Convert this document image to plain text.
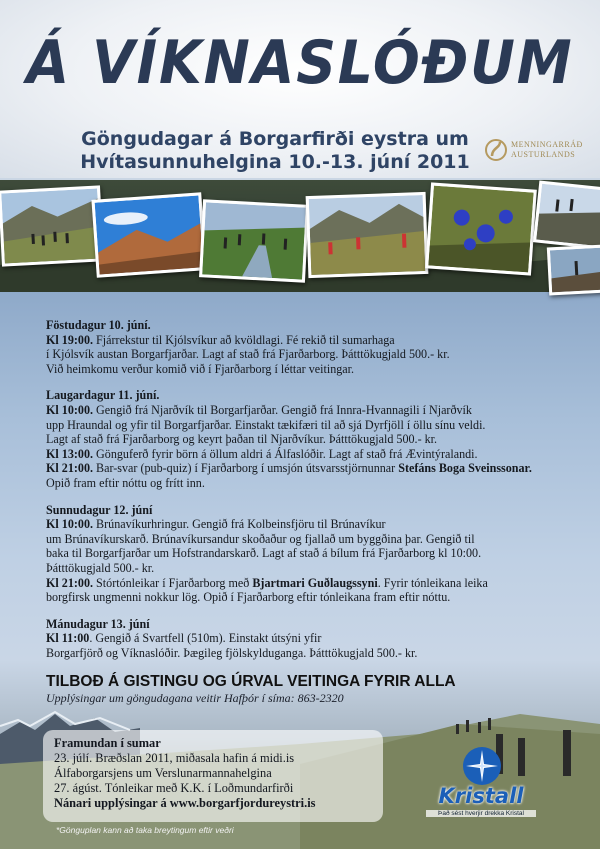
Á VÍKNASLÓÐUM
Göngudagar á Borgarfirði eystra um
Hvítasunnuhelgina 10.-13. júní 2011
MENNINGARRÁÐ
AUSTURLANDS
Föstudagur 10. júní.
Kl 19:00. Fjárrekstur til Kjólsvíkur að kvöldlagi. Fé rekið til sumarhaga
í Kjólsvík austan Borgarfjarðar. Lagt af stað frá Fjarðarborg. Þátttökugjald 500.- kr.
Við heimkomu verður komið við í Fjarðarborg í léttar veitingar.
Laugardagur 11. júní.
Kl 10:00. Gengið frá Njarðvík til Borgarfjarðar. Gengið frá Innra-Hvannagili í Njarðvík
upp Hraundal og yfir til Borgarfjarðar. Einstakt tækifæri til að sjá Dyrfjöll í öllu sínu veldi.
Lagt af stað frá Fjarðarborg og keyrt þaðan til Njarðvíkur. Þátttökugjald 500.- kr.
Kl 13:00. Gönguferð fyrir börn á öllum aldri á Álfaslóðir. Lagt af stað frá Ævintýralandi.
Kl 21:00. Bar-svar (pub-quiz) í Fjarðarborg í umsjón útsvarsstjörnunnar Stefáns Boga Sveinssonar.
Opið fram eftir nóttu og frítt inn.
Sunnudagur 12. júní
Kl 10:00. Brúnavíkurhringur. Gengið frá Kolbeinsfjöru til Brúnavíkur
um Brúnavíkurskarð. Brúnavíkursandur skoðaður og fjallað um byggðina þar. Gengið til
baka til Borgarfjarðar um Hofstrandarskarð. Lagt af stað á bílum frá Fjarðarborg kl 10:00.
Þátttökugjald 500.- kr.
Kl 21:00. Stórtónleikar í Fjarðarborg með Bjartmari Guðlaugssyni. Fyrir tónleikana leika
borgfirsk ungmenni nokkur lög. Opið í Fjarðarborg eftir tónleikana fram eftir nóttu.
Mánudagur 13. júní
Kl 11:00. Gengið á Svartfell (510m). Einstakt útsýni yfir
Borgarfjörð og Víknaslóðir. Þægileg fjölskylduganga. Þátttökugjald 500.- kr.
TILBOÐ Á GISTINGU OG ÚRVAL VEITINGA FYRIR ALLA
Upplýsingar um göngudagana veitir Hafþór í síma: 863-2320
Framundan í sumar
23. júlí. Bræðslan 2011, miðasala hafin á midi.is
Álfaborgarsjens um Verslunarmannahelgina
27. ágúst. Tónleikar með K.K. í Loðmundarfirði
Nánari upplýsingar á www.borgarfjordureystri.is
*Gönguplan kann að taka breytingum eftir veðri
Kristall
Það sést hverjir drekka Kristal
